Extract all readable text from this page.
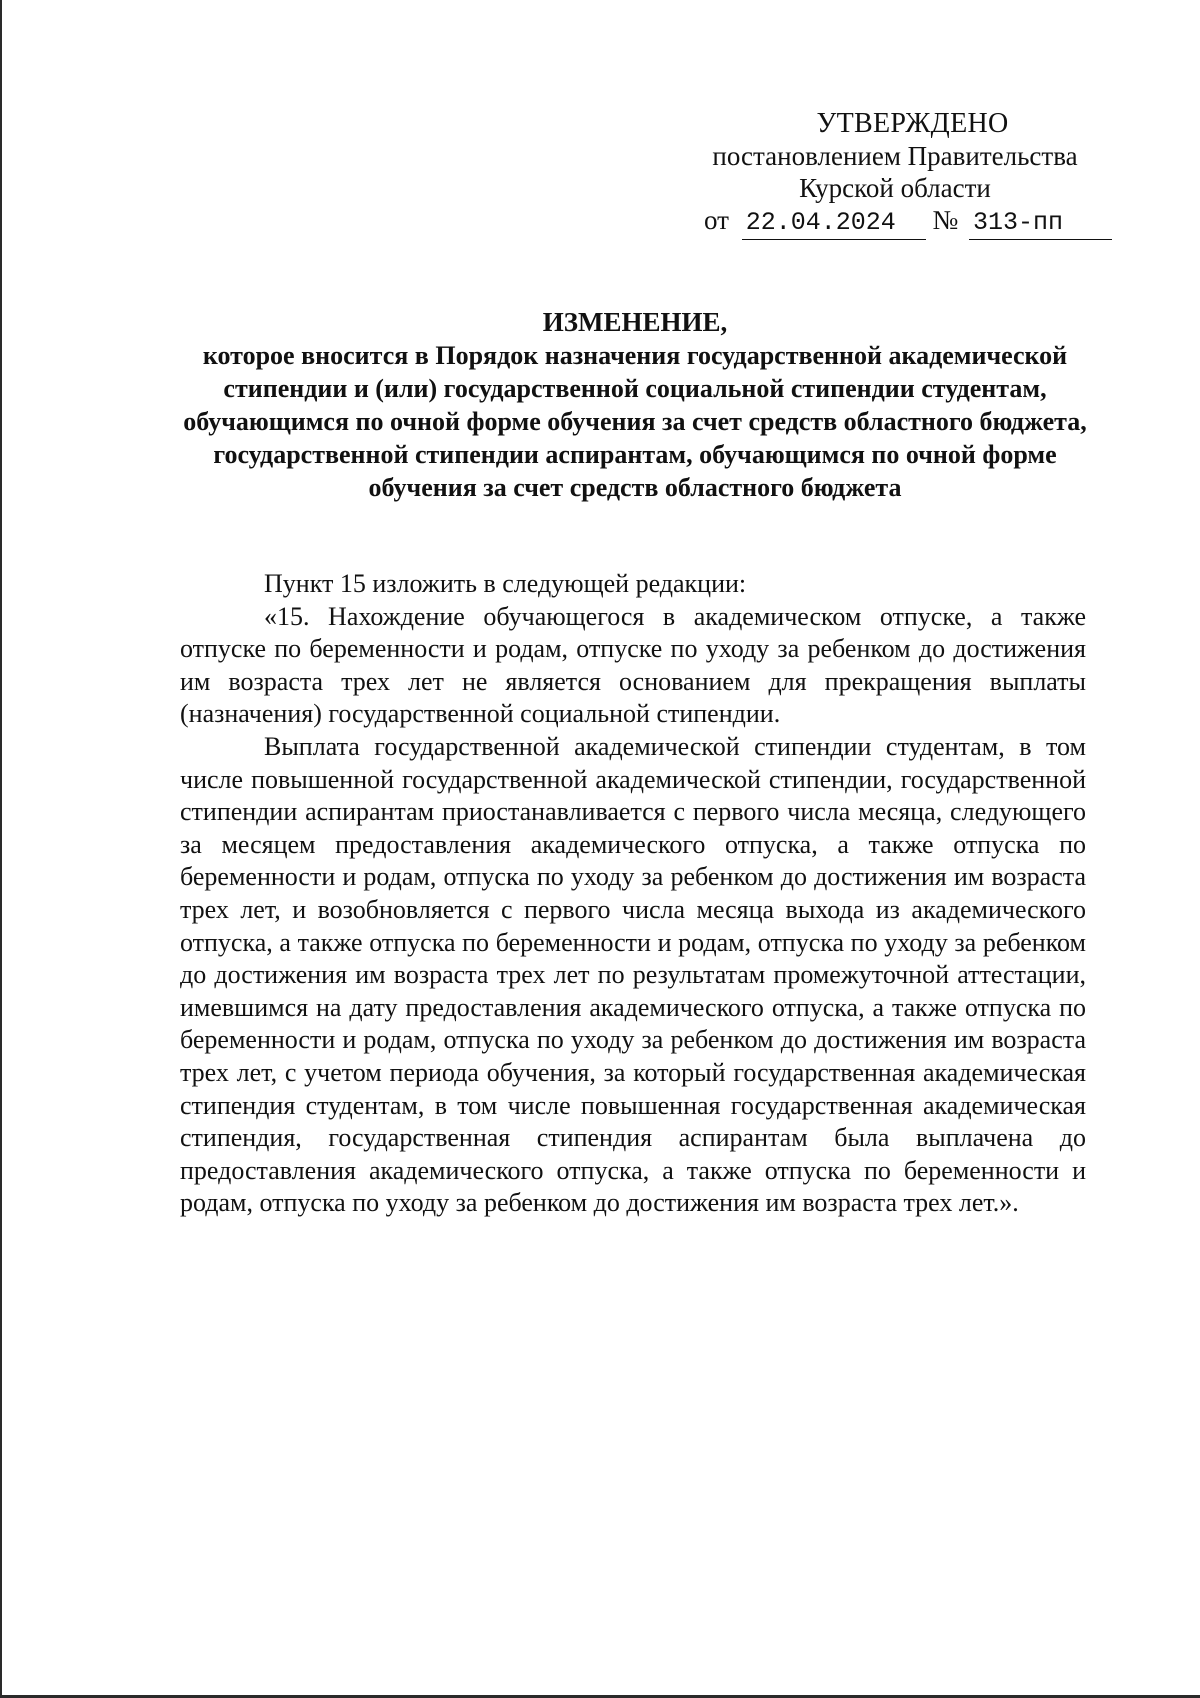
УТВЕРЖДЕНО
постановлением Правительства
Курской области
от 22.04.2024 № 313-пп
ИЗМЕНЕНИЕ,
которое вносится в Порядок назначения государственной академической стипендии и (или) государственной социальной стипендии студентам, обучающимся по очной форме обучения за счет средств областного бюджета, государственной стипендии аспирантам, обучающимся по очной форме обучения за счет средств областного бюджета

Пункт 15 изложить в следующей редакции:

«15. Нахождение обучающегося в академическом отпуске, а также отпуске по беременности и родам, отпуске по уходу за ребенком до достижения им возраста трех лет не является основанием для прекращения выплаты (назначения) государственной социальной стипендии.

Выплата государственной академической стипендии студентам, в том числе повышенной государственной академической стипендии, государственной стипендии аспирантам приостанавливается с первого числа месяца, следующего за месяцем предоставления академического отпуска, а также отпуска по беременности и родам, отпуска по уходу за ребенком до достижения им возраста трех лет, и возобновляется с первого числа месяца выхода из академического отпуска, а также отпуска по беременности и родам, отпуска по уходу за ребенком до достижения им возраста трех лет по результатам промежуточной аттестации, имевшимся на дату предоставления академического отпуска, а также отпуска по беременности и родам, отпуска по уходу за ребенком до достижения им возраста трех лет, с учетом периода обучения, за который государственная академическая стипендия студентам, в том числе повышенная государственная академическая стипендия, государственная стипендия аспирантам была выплачена до предоставления академического отпуска, а также отпуска по беременности и родам, отпуска по уходу за ребенком до достижения им возраста трех лет.».
